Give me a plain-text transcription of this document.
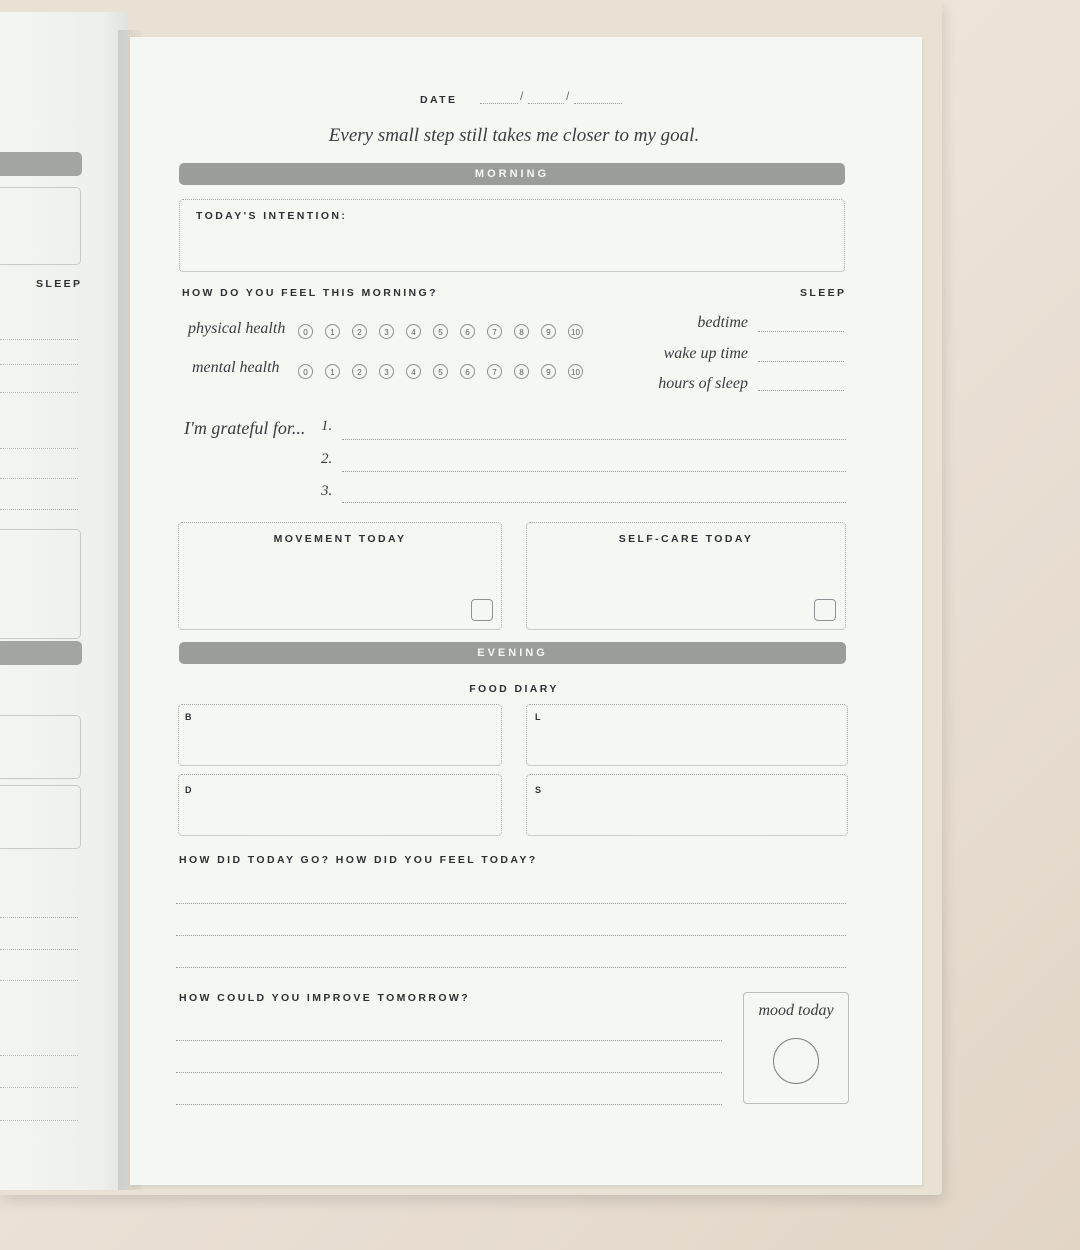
SLEEP
DATE	/	/
Every small step still takes me closer to my goal.
MORNING
TODAY'S INTENTION:
HOW DO YOU FEEL THIS MORNING?	SLEEP
physical health	0	1	2	3	4	5	6	7	8	9	10
mental health	0	1	2	3	4	5	6	7	8	9	10
bedtime
wake up time
hours of sleep
I'm grateful for... 1.
2.
3.
MOVEMENT TODAY	SELF-CARE TODAY
EVENING
FOOD DIARY
B	L
D	S
HOW DID TODAY GO? HOW DID YOU FEEL TODAY?
HOW COULD YOU IMPROVE TOMORROW?
mood today
